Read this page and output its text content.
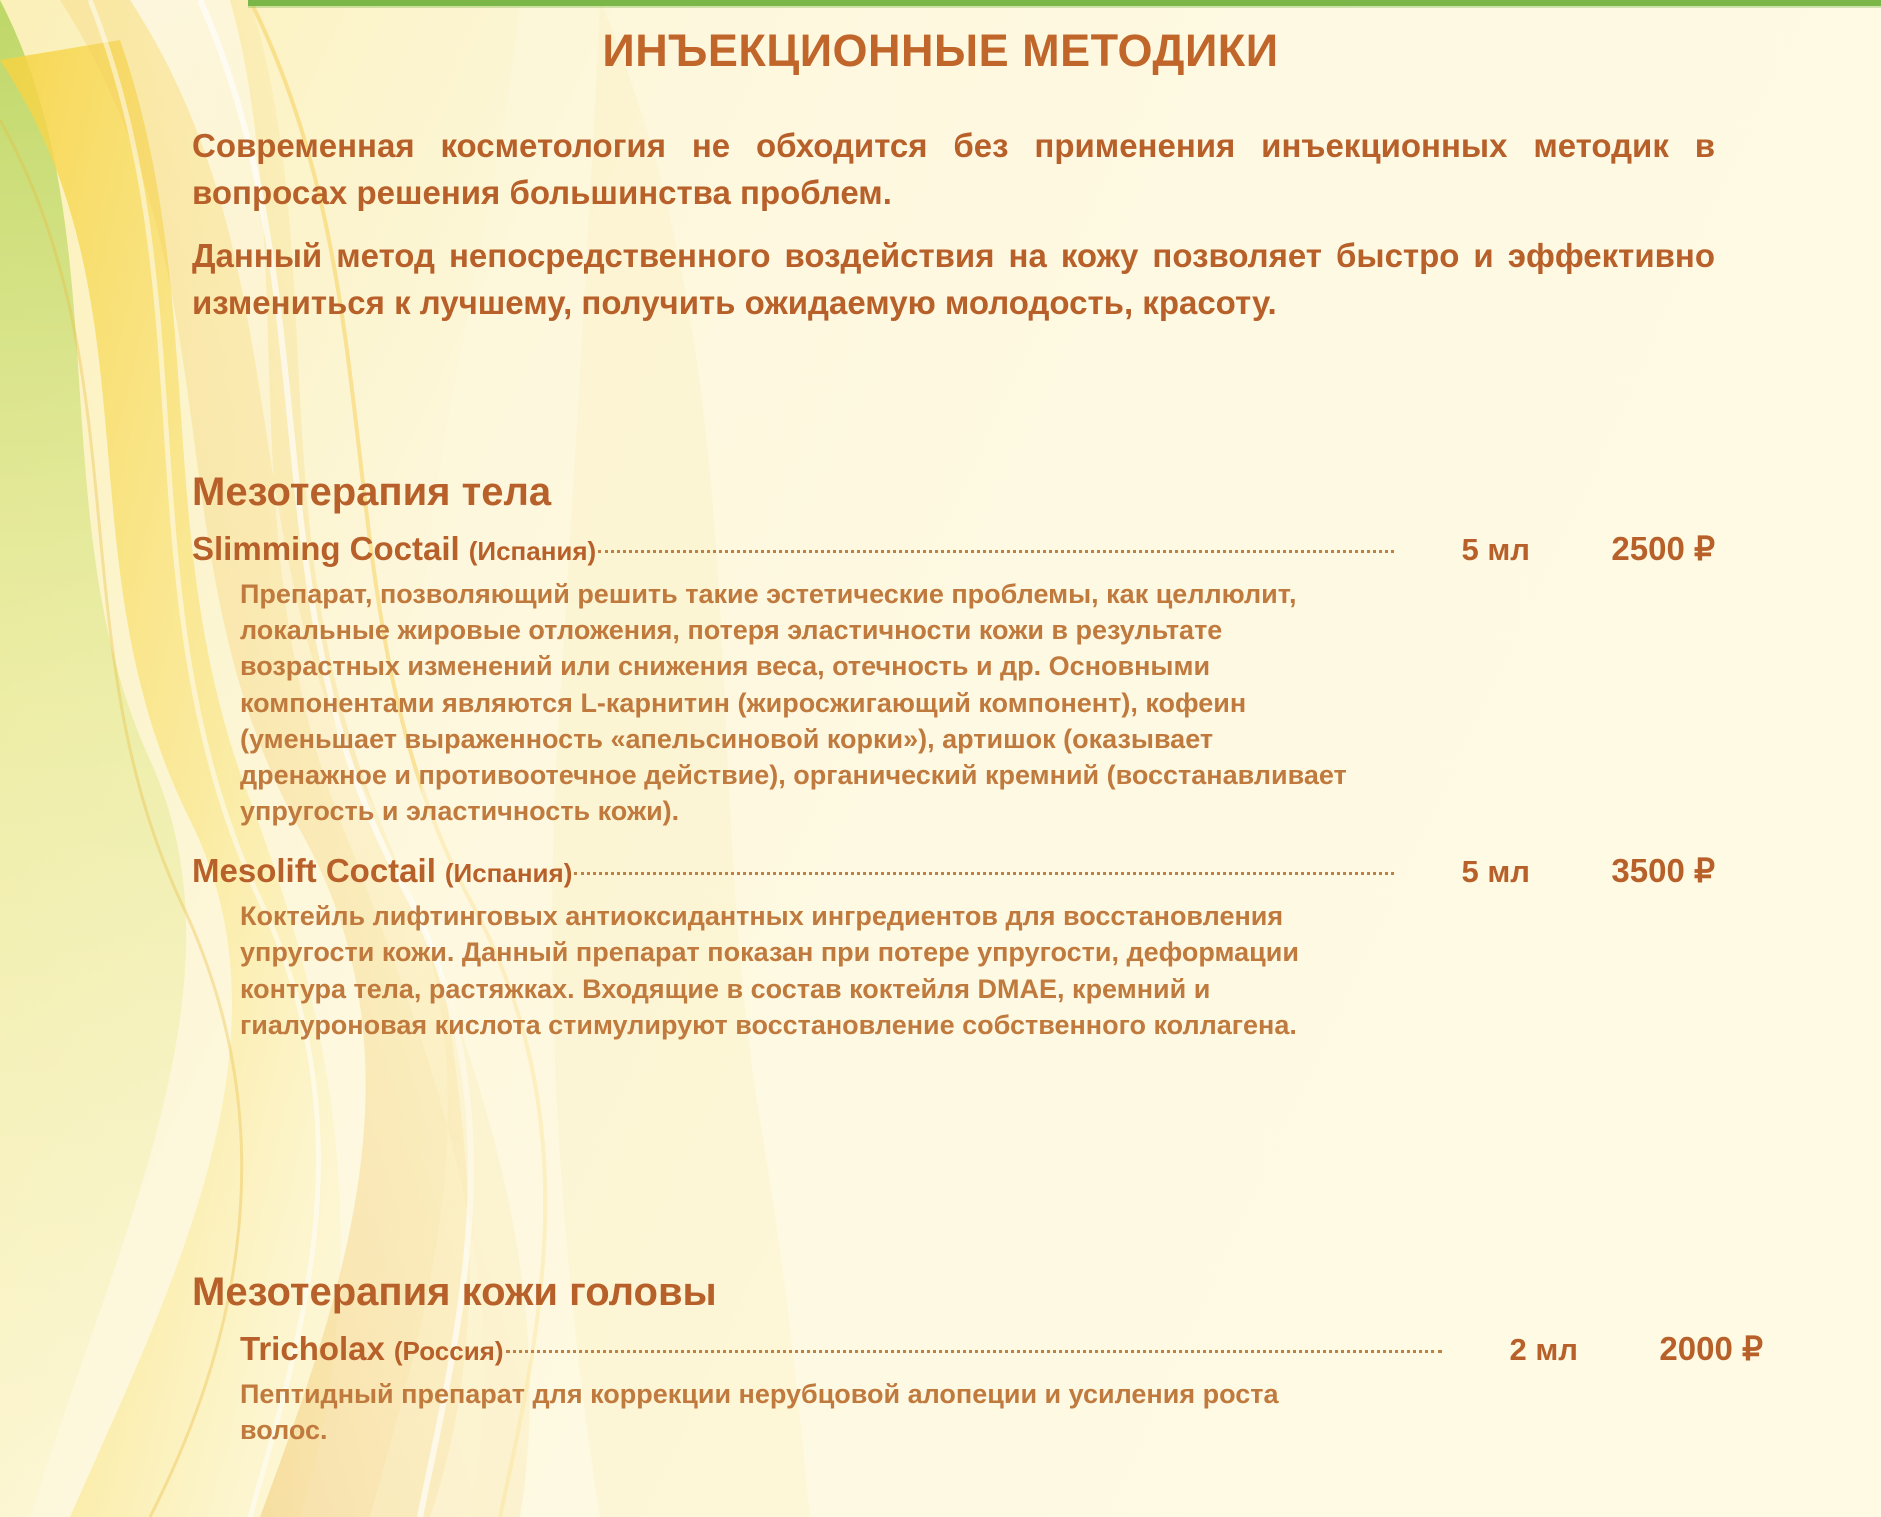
ИНЪЕКЦИОННЫЕ МЕТОДИКИ

Современная косметология не обходится без применения инъекционных методик в вопросах решения большинства проблем.

Данный метод непосредственного воздействия на кожу позволяет быстро и эффективно измениться к лучшему, получить ожидаемую молодость, красоту.

Мезотерапия тела
Slimming Coctail (Испания)	5 мл	2500 ₽
Препарат, позволяющий решить такие эстетические проблемы, как целлюлит, локальные жировые отложения, потеря эластичности кожи в результате возрастных изменений или снижения веса, отечность и др. Основными компонентами являются L-карнитин (жиросжигающий компонент), кофеин (уменьшает выраженность «апельсиновой корки»), артишок (оказывает дренажное и противоотечное действие), органический кремний (восстанавливает упругость и эластичность кожи).
Mesolift Coctail (Испания)	5 мл	3500 ₽
Коктейль лифтинговых антиоксидантных ингредиентов для восстановления упругости кожи. Данный препарат показан при потере упругости, деформации контура тела, растяжках. Входящие в состав коктейля DMAE, кремний и гиалуроновая кислота стимулируют восстановление собственного коллагена.
Мезотерапия кожи головы
Tricholax (Россия)	2 мл	2000 ₽
Пептидный препарат для коррекции нерубцовой алопеции и усиления роста волос.
